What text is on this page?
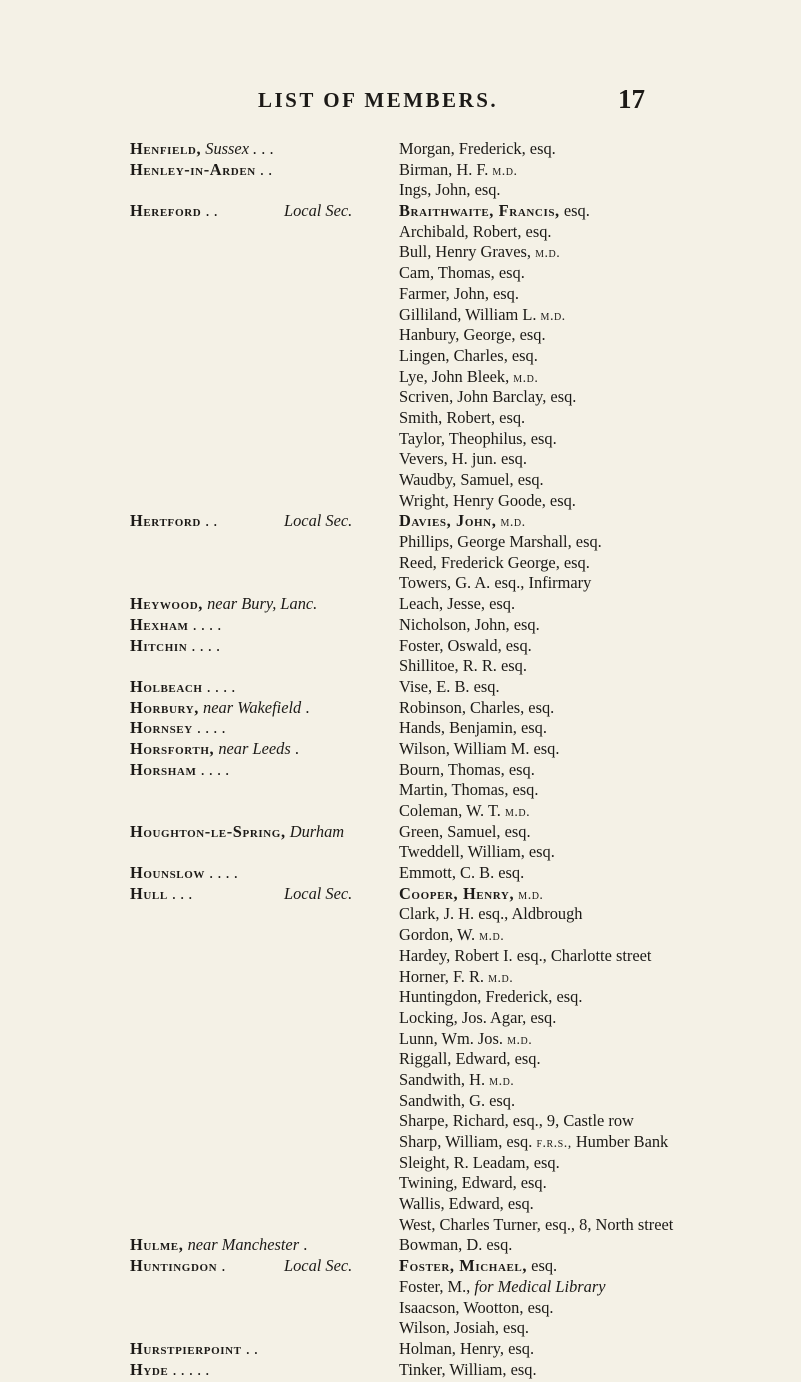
LIST OF MEMBERS.	17
Henfield, Sussex . . .	Morgan, Frederick, esq.
Henley-in-Arden . .	Birman, H. F. m.d.
Ings, John, esq.
Hereford . .	Local Sec.	Braithwaite, Francis, esq.
Archibald, Robert, esq.
Bull, Henry Graves, m.d.
Cam, Thomas, esq.
Farmer, John, esq.
Gilliland, William L. m.d.
Hanbury, George, esq.
Lingen, Charles, esq.
Lye, John Bleek, m.d.
Scriven, John Barclay, esq.
Smith, Robert, esq.
Taylor, Theophilus, esq.
Vevers, H. jun. esq.
Waudby, Samuel, esq.
Wright, Henry Goode, esq.
Hertford . .	Local Sec.	Davies, John, m.d.
Phillips, George Marshall, esq.
Reed, Frederick George, esq.
Towers, G. A. esq., Infirmary
Heywood, near Bury, Lanc.	Leach, Jesse, esq.
Hexham . . . .	Nicholson, John, esq.
Hitchin . . . .	Foster, Oswald, esq.
Shillitoe, R. R. esq.
Holbeach . . . .	Vise, E. B. esq.
Horbury, near Wakefield .	Robinson, Charles, esq.
Hornsey . . . .	Hands, Benjamin, esq.
Horsforth, near Leeds .	Wilson, William M. esq.
Horsham . . . .	Bourn, Thomas, esq.
Martin, Thomas, esq.
Coleman, W. T. m.d.
Houghton-le-Spring, Durham	Green, Samuel, esq.
Tweddell, William, esq.
Hounslow . . . .	Emmott, C. B. esq.
Hull . . .	Local Sec.	Cooper, Henry, m.d.
Clark, J. H. esq., Aldbrough
Gordon, W. m.d.
Hardey, Robert I. esq., Charlotte street
Horner, F. R. m.d.
Huntingdon, Frederick, esq.
Locking, Jos. Agar, esq.
Lunn, Wm. Jos. m.d.
Riggall, Edward, esq.
Sandwith, H. m.d.
Sandwith, G. esq.
Sharpe, Richard, esq., 9, Castle row
Sharp, William, esq. f.r.s., Humber Bank
Sleight, R. Leadam, esq.
Twining, Edward, esq.
Wallis, Edward, esq.
West, Charles Turner, esq., 8, North street
Hulme, near Manchester .	Bowman, D. esq.
Huntingdon .	Local Sec.	Foster, Michael, esq.
Foster, M., for Medical Library
Isaacson, Wootton, esq.
Wilson, Josiah, esq.
Hurstpierpoint . .	Holman, Henry, esq.
Hyde . . . . .	Tinker, William, esq.
